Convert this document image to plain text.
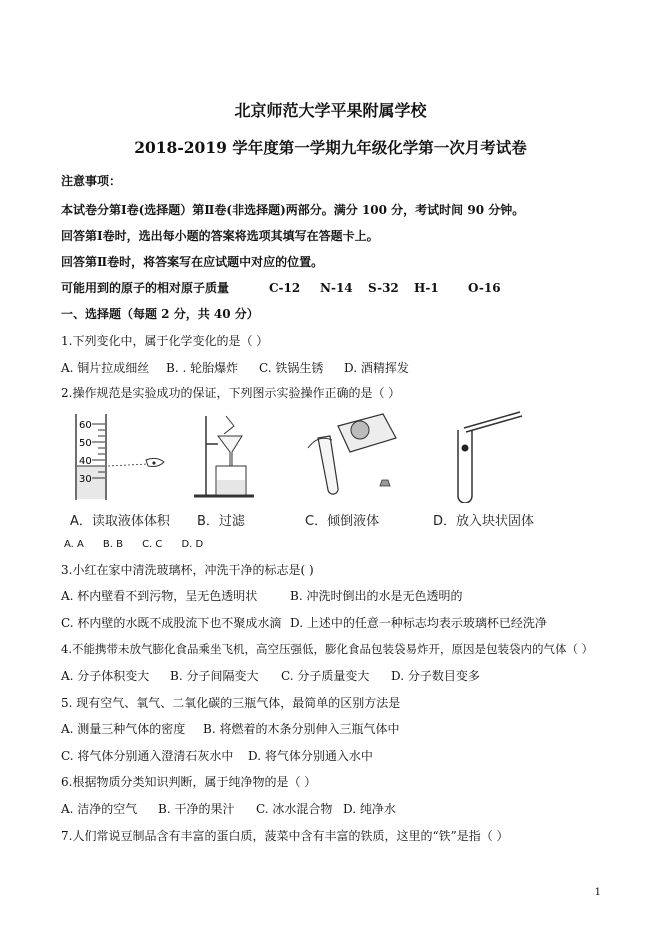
北京师范大学平果附属学校
2018-2019 学年度第一学期九年级化学第一次月考试卷
注意事项：
本试卷分第Ⅰ卷(选择题）第Ⅱ卷(非选择题)两部分。满分 100 分，考试时间 90 分钟。
回答第Ⅰ卷时，选出每小题的答案将选项其填写在答题卡上。
回答第Ⅱ卷时，将答案写在应试题中对应的位置。
可能用到的原子的相对原子质量	C-12 N-14 S-32 H-1 O-16
一、选择题（每题 2 分，共 40 分）
1.下列变化中，属于化学变化的是（ ）
A. 铜片拉成细丝 B. . 轮胎爆炸 C. 铁锅生锈 D. 酒精挥发
2.操作规范是实验成功的保证，下列图示实验操作正确的是（ ）
60
50
40
30
A．读取液体体积 B．过滤	C．倾倒液体	D．放入块状固体
A. A      B. B      C. C      D. D
3.小红在家中清洗玻璃杯，冲洗干净的标志是( )
A. 杯内壁看不到污物，呈无色透明状	B. 冲洗时倒出的水是无色透明的
C. 杯内壁的水既不成股流下也不聚成水滴 D. 上述中的任意一种标志均表示玻璃杯已经洗净
4.不能携带未放气膨化食品乘坐飞机，高空压强低，膨化食品包装袋易炸开，原因是包装袋内的气体（ ）
A. 分子体积变大 B. 分子间隔变大 C. 分子质量变大 D. 分子数目变多
5. 现有空气、氧气、二氧化碳的三瓶气体，最简单的区别方法是
A. 测量三种气体的密度 B. 将燃着的木条分别伸入三瓶气体中
C. 将气体分别通入澄清石灰水中 D. 将气体分别通入水中
6.根据物质分类知识判断，属于纯净物的是（ ）
A. 洁净的空气 B. 干净的果汁 C. 冰水混合物 D. 纯净水
7.人们常说豆制品含有丰富的蛋白质，菠菜中含有丰富的铁质，这里的“铁”是指（ ）
1
